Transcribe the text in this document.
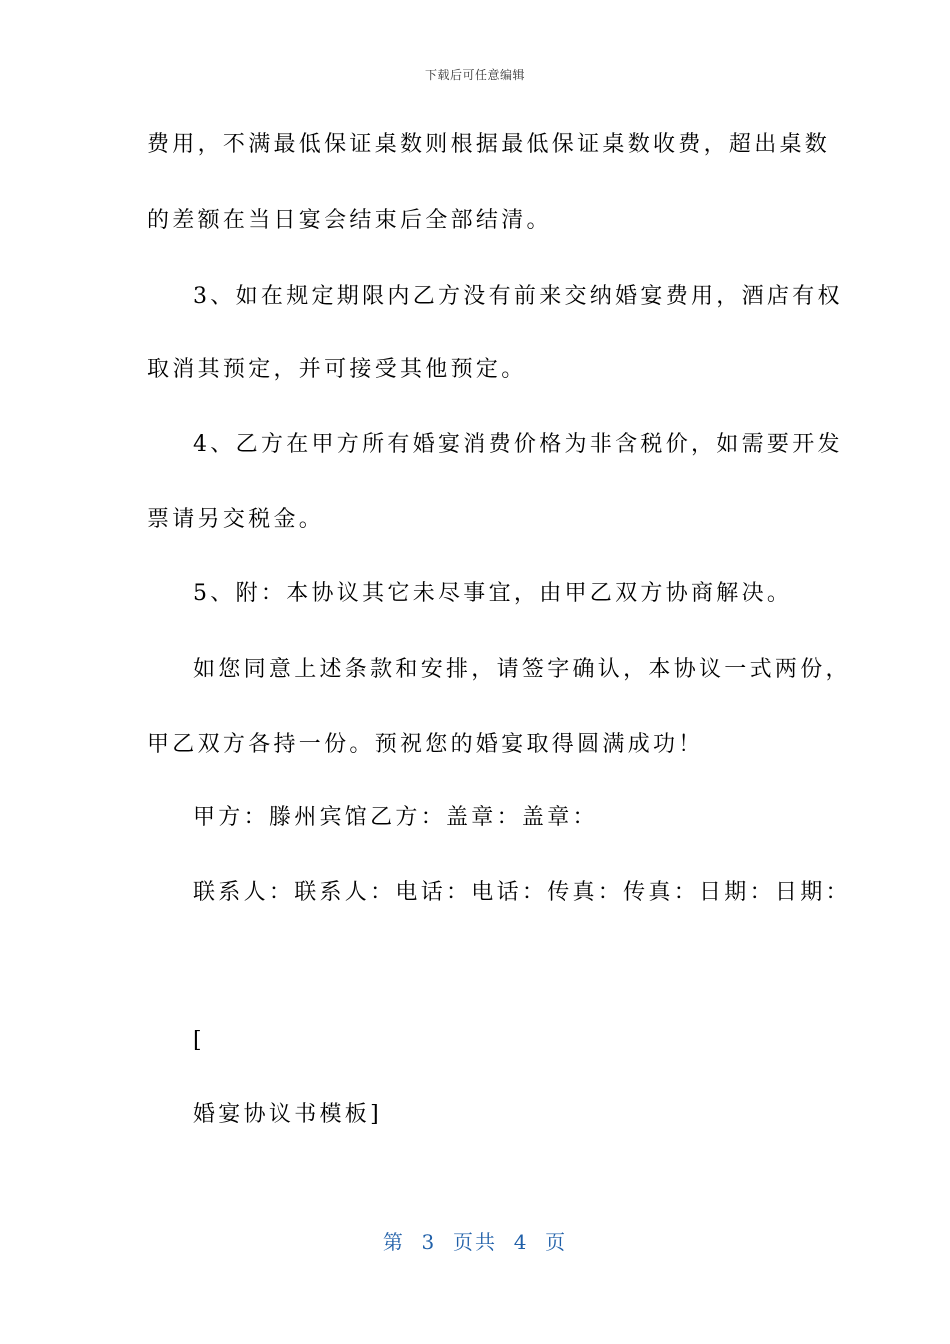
下载后可任意编辑
费用，不满最低保证桌数则根据最低保证桌数收费，超出桌数
的差额在当日宴会结束后全部结清。
3、如在规定期限内乙方没有前来交纳婚宴费用，酒店有权
取消其预定，并可接受其他预定。
4、乙方在甲方所有婚宴消费价格为非含税价，如需要开发
票请另交税金。
5、附：本协议其它未尽事宜，由甲乙双方协商解决。
如您同意上述条款和安排，请签字确认，本协议一式两份，
甲乙双方各持一份。预祝您的婚宴取得圆满成功！
甲方：滕州宾馆乙方：盖章：盖章：
联系人：联系人：电话：电话：传真：传真：日期：日期：
[
婚宴协议书模板]
第  3  页共  4  页
